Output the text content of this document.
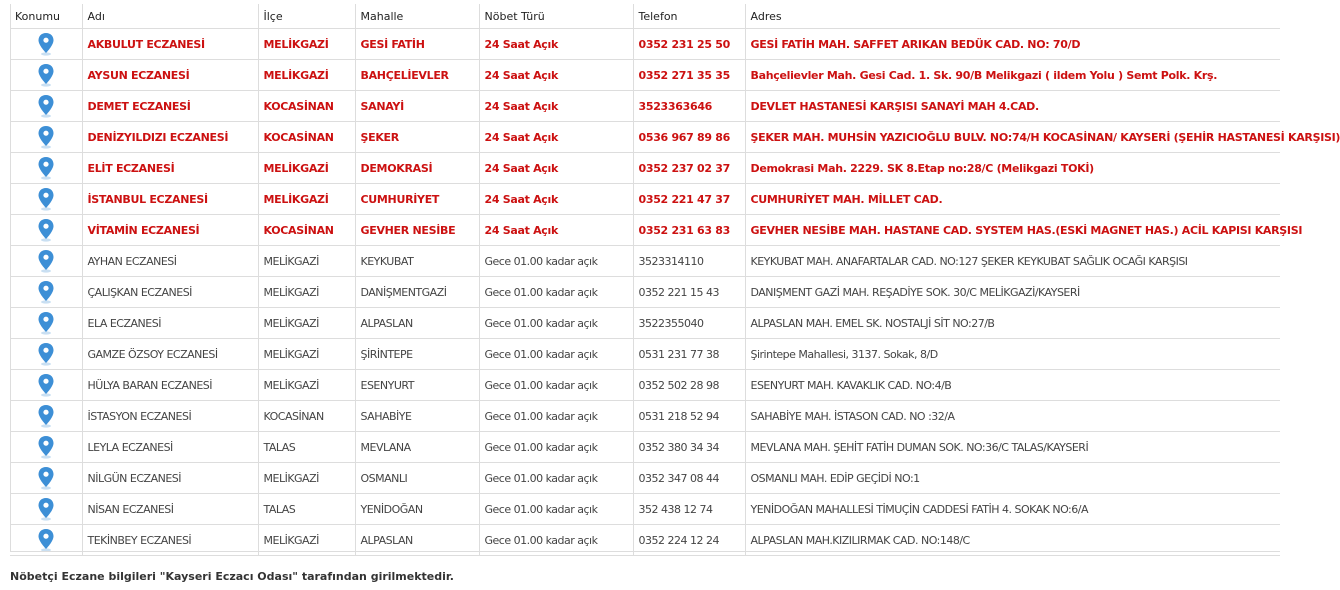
Konumu	Adı	İlçe	Mahalle	Nöbet Türü	Telefon	Adres
	AKBULUT ECZANESİ	MELİKGAZİ	GESİ FATİH	24 Saat Açık	0352 231 25 50	GESİ FATİH MAH. SAFFET ARIKAN BEDÜK CAD. NO: 70/D
	AYSUN ECZANESİ	MELİKGAZİ	BAHÇELİEVLER	24 Saat Açık	0352 271 35 35	Bahçelievler Mah. Gesi Cad. 1. Sk. 90/B Melikgazi ( ildem Yolu ) Semt Polk. Krş.
	DEMET ECZANESİ	KOCASİNAN	SANAYİ	24 Saat Açık	3523363646	DEVLET HASTANESİ KARŞISI SANAYİ MAH 4.CAD.
	DENİZYILDIZI ECZANESİ	KOCASİNAN	ŞEKER	24 Saat Açık	0536 967 89 86	ŞEKER MAH. MUHSİN YAZICIOĞLU BULV. NO:74/H KOCASİNAN/ KAYSERİ (ŞEHİR HASTANESİ KARŞISI)
	ELİT ECZANESİ	MELİKGAZİ	DEMOKRASİ	24 Saat Açık	0352 237 02 37	Demokrasi Mah. 2229. SK 8.Etap no:28/C (Melikgazi TOKİ)
	İSTANBUL ECZANESİ	MELİKGAZİ	CUMHURİYET	24 Saat Açık	0352 221 47 37	CUMHURİYET MAH. MİLLET CAD.
	VİTAMİN ECZANESİ	KOCASİNAN	GEVHER NESİBE	24 Saat Açık	0352 231 63 83	GEVHER NESİBE MAH. HASTANE CAD. SYSTEM HAS.(ESKİ MAGNET HAS.) ACİL KAPISI KARŞISI
	AYHAN ECZANESİ	MELİKGAZİ	KEYKUBAT	Gece 01.00 kadar açık	3523314110	KEYKUBAT MAH. ANAFARTALAR CAD. NO:127 ŞEKER KEYKUBAT SAĞLIK OCAĞI KARŞISI
	ÇALIŞKAN ECZANESİ	MELİKGAZİ	DANİŞMENTGAZİ	Gece 01.00 kadar açık	0352 221 15 43	DANIŞMENT GAZİ MAH. REŞADİYE SOK. 30/C MELİKGAZİ/KAYSERİ
	ELA ECZANESİ	MELİKGAZİ	ALPASLAN	Gece 01.00 kadar açık	3522355040	ALPASLAN MAH. EMEL SK. NOSTALJİ SİT NO:27/B
	GAMZE ÖZSOY ECZANESİ	MELİKGAZİ	ŞİRİNTEPE	Gece 01.00 kadar açık	0531 231 77 38	Şirintepe Mahallesi, 3137. Sokak, 8/D
	HÜLYA BARAN ECZANESİ	MELİKGAZİ	ESENYURT	Gece 01.00 kadar açık	0352 502 28 98	ESENYURT MAH. KAVAKLIK CAD. NO:4/B
	İSTASYON ECZANESİ	KOCASİNAN	SAHABİYE	Gece 01.00 kadar açık	0531 218 52 94	SAHABİYE MAH. İSTASON CAD. NO :32/A
	LEYLA ECZANESİ	TALAS	MEVLANA	Gece 01.00 kadar açık	0352 380 34 34	MEVLANA MAH. ŞEHİT FATİH DUMAN SOK. NO:36/C TALAS/KAYSERİ
	NİLGÜN ECZANESİ	MELİKGAZİ	OSMANLI	Gece 01.00 kadar açık	0352 347 08 44	OSMANLI MAH. EDİP GEÇİDİ NO:1
	NİSAN ECZANESİ	TALAS	YENİDOĞAN	Gece 01.00 kadar açık	352 438 12 74	YENİDOĞAN MAHALLESİ TİMUÇİN CADDESİ FATİH 4. SOKAK NO:6/A
	TEKİNBEY ECZANESİ	MELİKGAZİ	ALPASLAN	Gece 01.00 kadar açık	0352 224 12 24	ALPASLAN MAH.KIZILIRMAK CAD. NO:148/C
Nöbetçi Eczane bilgileri "Kayseri Eczacı Odası" tarafından girilmektedir.
